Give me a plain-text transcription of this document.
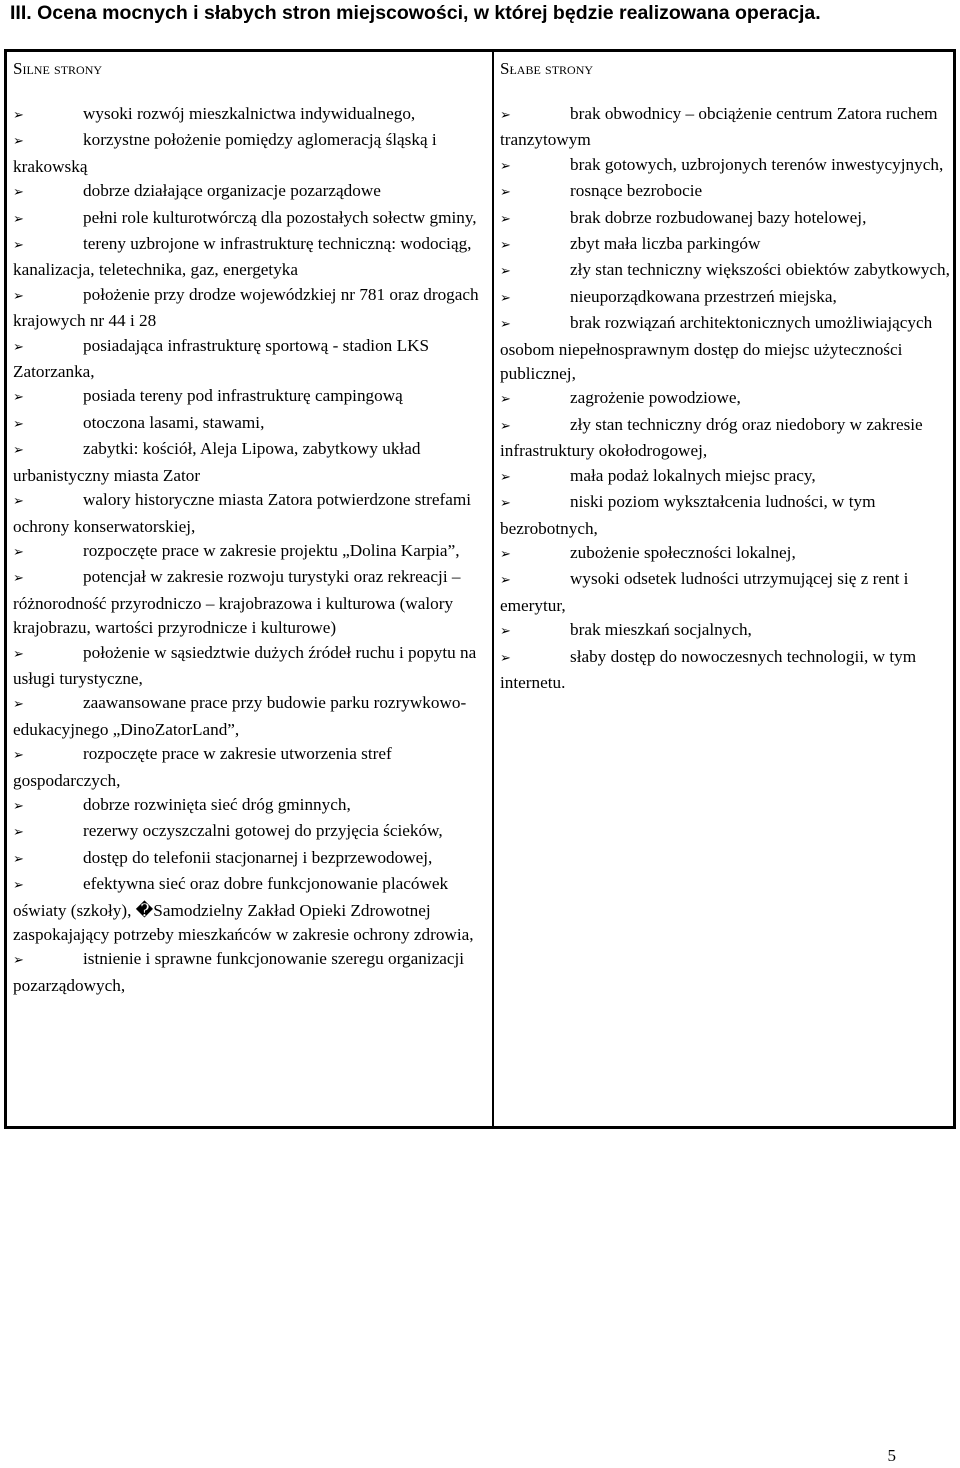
III. Ocena mocnych i słabych stron miejscowości, w której będzie realizowana operacja.
Silne strony
➢	wysoki rozwój mieszkalnictwa indywidualnego,
➢	korzystne położenie pomiędzy aglomeracją śląską i krakowską
➢	dobrze działające organizacje pozarządowe
➢	pełni role kulturotwórczą dla pozostałych sołectw gminy,
➢	tereny uzbrojone w infrastrukturę techniczną: wodociąg, kanalizacja, teletechnika, gaz, energetyka
➢	położenie przy drodze wojewódzkiej nr 781 oraz drogach krajowych nr 44 i 28
➢	posiadająca infrastrukturę sportową - stadion LKS Zatorzanka,
➢	posiada tereny pod infrastrukturę campingową
➢	otoczona lasami, stawami,
➢	zabytki: kościół, Aleja Lipowa, zabytkowy układ urbanistyczny miasta Zator
➢	walory historyczne miasta Zatora potwierdzone strefami ochrony konserwatorskiej,
➢	rozpoczęte prace w zakresie projektu „Dolina Karpia”,
➢	potencjał w zakresie rozwoju turystyki oraz rekreacji – różnorodność przyrodniczo – krajobrazowa i kulturowa (walory krajobrazu, wartości przyrodnicze i kulturowe)
➢	położenie w sąsiedztwie dużych źródeł ruchu i popytu na usługi turystyczne,
➢	zaawansowane prace przy budowie parku rozrywkowo-edukacyjnego „DinoZatorLand”,
➢	rozpoczęte prace w zakresie utworzenia stref gospodarczych,
➢	dobrze rozwinięta sieć dróg gminnych,
➢	rezerwy oczyszczalni gotowej do przyjęcia ścieków,
➢	dostęp do telefonii stacjonarnej i bezprzewodowej,
➢	efektywna sieć oraz dobre funkcjonowanie placówek oświaty (szkoły), �Samodzielny Zakład Opieki Zdrowotnej zaspokajający potrzeby mieszkańców w zakresie ochrony zdrowia,
➢	istnienie i sprawne funkcjonowanie szeregu organizacji pozarządowych,
Słabe strony
➢	brak obwodnicy – obciążenie centrum Zatora ruchem tranzytowym
➢	brak gotowych, uzbrojonych terenów inwestycyjnych,
➢	rosnące bezrobocie
➢	brak dobrze rozbudowanej bazy hotelowej,
➢	zbyt mała liczba parkingów
➢	zły stan techniczny większości obiektów zabytkowych,
➢	nieuporządkowana przestrzeń miejska,
➢	brak rozwiązań architektonicznych umożliwiających osobom niepełnosprawnym dostęp do miejsc użyteczności publicznej,
➢	zagrożenie powodziowe,
➢	zły stan techniczny dróg oraz niedobory w zakresie infrastruktury okołodrogowej,
➢	mała podaż lokalnych miejsc pracy,
➢	niski poziom wykształcenia ludności, w tym bezrobotnych,
➢	zubożenie społeczności lokalnej,
➢	wysoki odsetek ludności utrzymującej się z rent i emerytur,
➢	brak mieszkań socjalnych,
➢	słaby dostęp do nowoczesnych technologii, w tym internetu.
5
